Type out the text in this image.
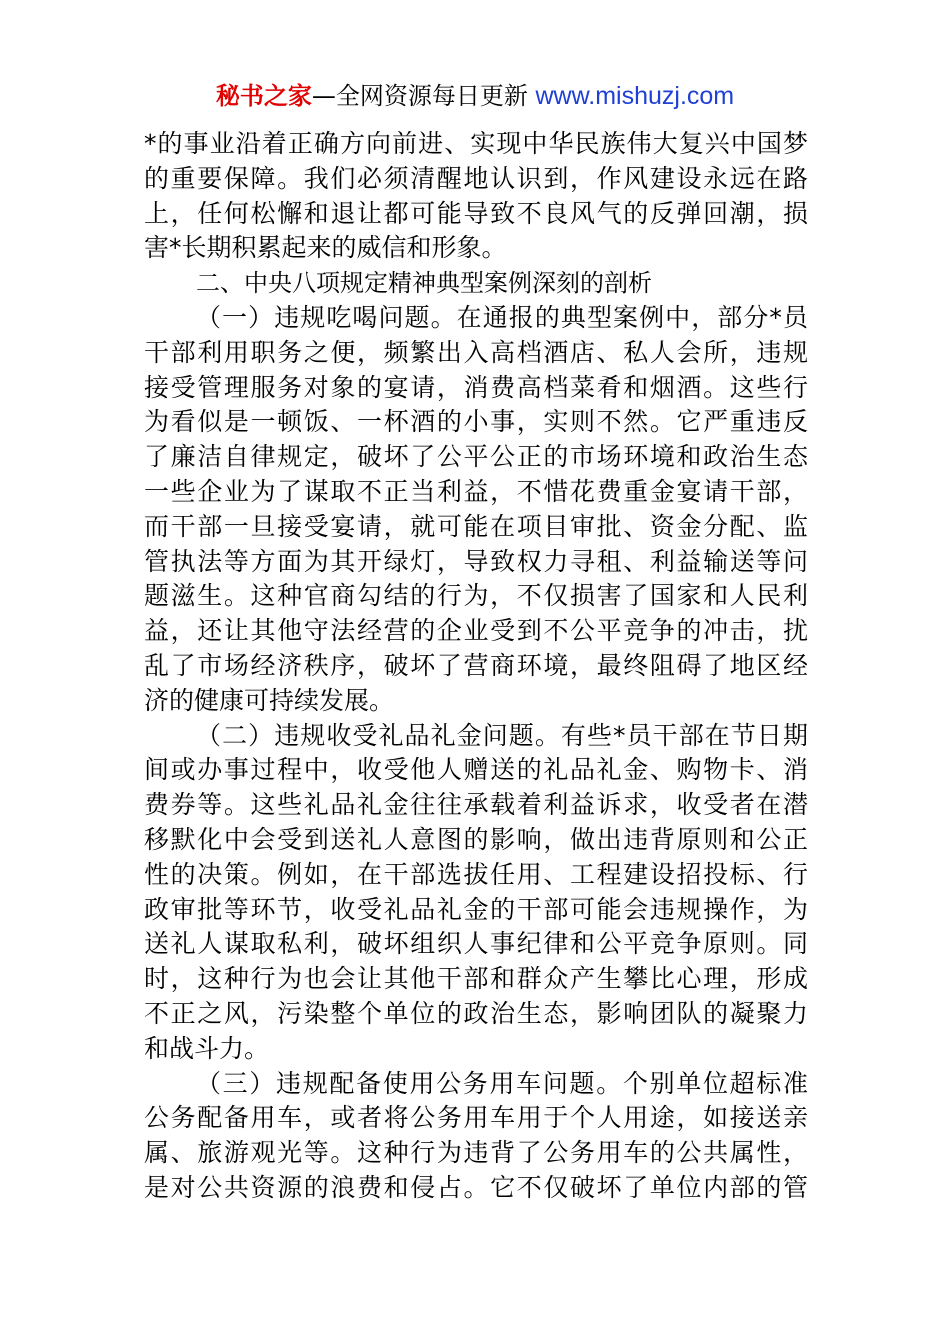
秘书之家—全网资源每日更新 www.mishuzj.com
*的事业沿着正确方向前进、实现中华民族伟大复兴中国梦
的重要保障。我们必须清醒地认识到，作风建设永远在路
上，任何松懈和退让都可能导致不良风气的反弹回潮，损
害*长期积累起来的威信和形象。
二、中央八项规定精神典型案例深刻的剖析
（一）违规吃喝问题。在通报的典型案例中，部分*员
干部利用职务之便，频繁出入高档酒店、私人会所，违规
接受管理服务对象的宴请，消费高档菜肴和烟酒。这些行
为看似是一顿饭、一杯酒的小事，实则不然。它严重违反
了廉洁自律规定，破坏了公平公正的市场环境和政治生态
一些企业为了谋取不正当利益，不惜花费重金宴请干部，
而干部一旦接受宴请，就可能在项目审批、资金分配、监
管执法等方面为其开绿灯，导致权力寻租、利益输送等问
题滋生。这种官商勾结的行为，不仅损害了国家和人民利
益，还让其他守法经营的企业受到不公平竞争的冲击，扰
乱了市场经济秩序，破坏了营商环境，最终阻碍了地区经
济的健康可持续发展。
（二）违规收受礼品礼金问题。有些*员干部在节日期
间或办事过程中，收受他人赠送的礼品礼金、购物卡、消
费券等。这些礼品礼金往往承载着利益诉求，收受者在潜
移默化中会受到送礼人意图的影响，做出违背原则和公正
性的决策。例如，在干部选拔任用、工程建设招投标、行
政审批等环节，收受礼品礼金的干部可能会违规操作，为
送礼人谋取私利，破坏组织人事纪律和公平竞争原则。同
时，这种行为也会让其他干部和群众产生攀比心理，形成
不正之风，污染整个单位的政治生态，影响团队的凝聚力
和战斗力。
（三）违规配备使用公务用车问题。个别单位超标准
公务配备用车，或者将公务用车用于个人用途，如接送亲
属、旅游观光等。这种行为违背了公务用车的公共属性，
是对公共资源的浪费和侵占。它不仅破坏了单位内部的管
